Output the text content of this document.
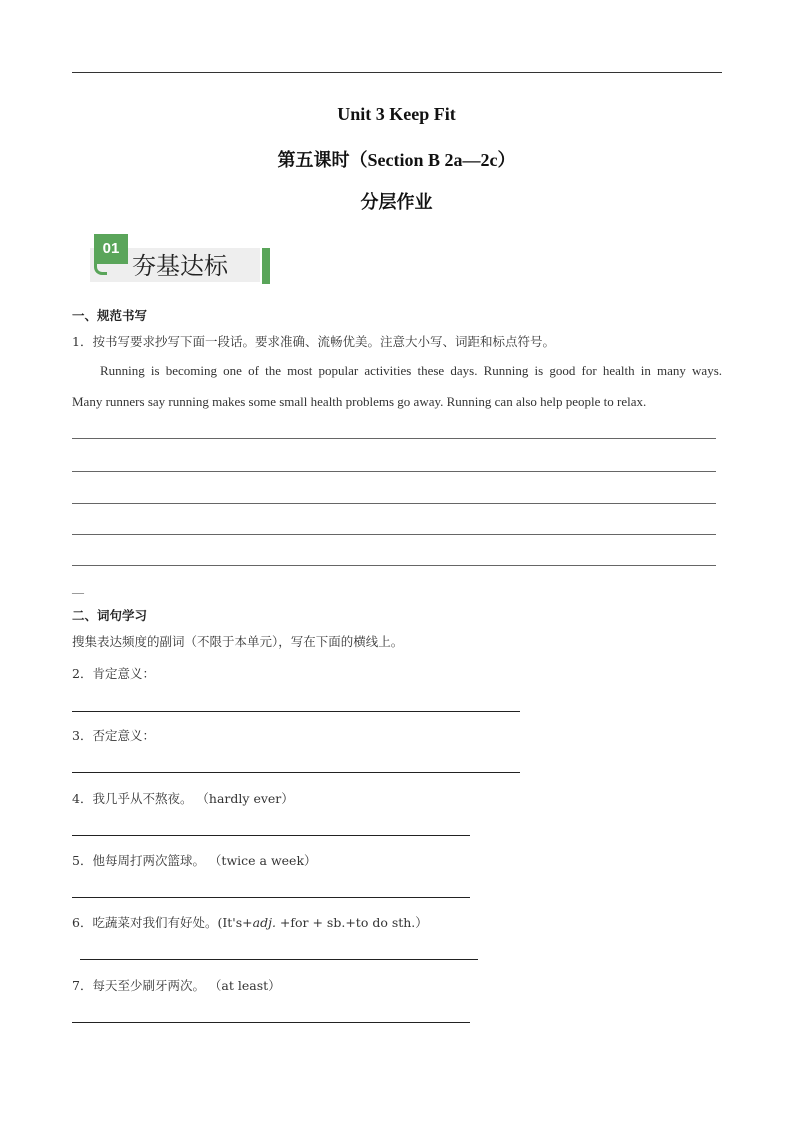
Unit 3 Keep Fit
第五课时（Section B 2a—2c）
分层作业
01
夯基达标
一、规范书写
1．按书写要求抄写下面一段话。要求准确、流畅优美。注意大小写、词距和标点符号。
Running is becoming one of the most popular activities these days. Running is good for health in many ways.
Many runners say running makes some small health problems go away. Running can also help people to relax.
—
二、词句学习
搜集表达频度的副词（不限于本单元），写在下面的横线上。
2．肯定意义：
3．否定意义：
4．我几乎从不熬夜。 （hardly ever）
5．他每周打两次篮球。 （twice a week）
6．吃蔬菜对我们有好处。(It's+adj. +for + sb.+to do sth.）
7．每天至少刷牙两次。 （at least）
